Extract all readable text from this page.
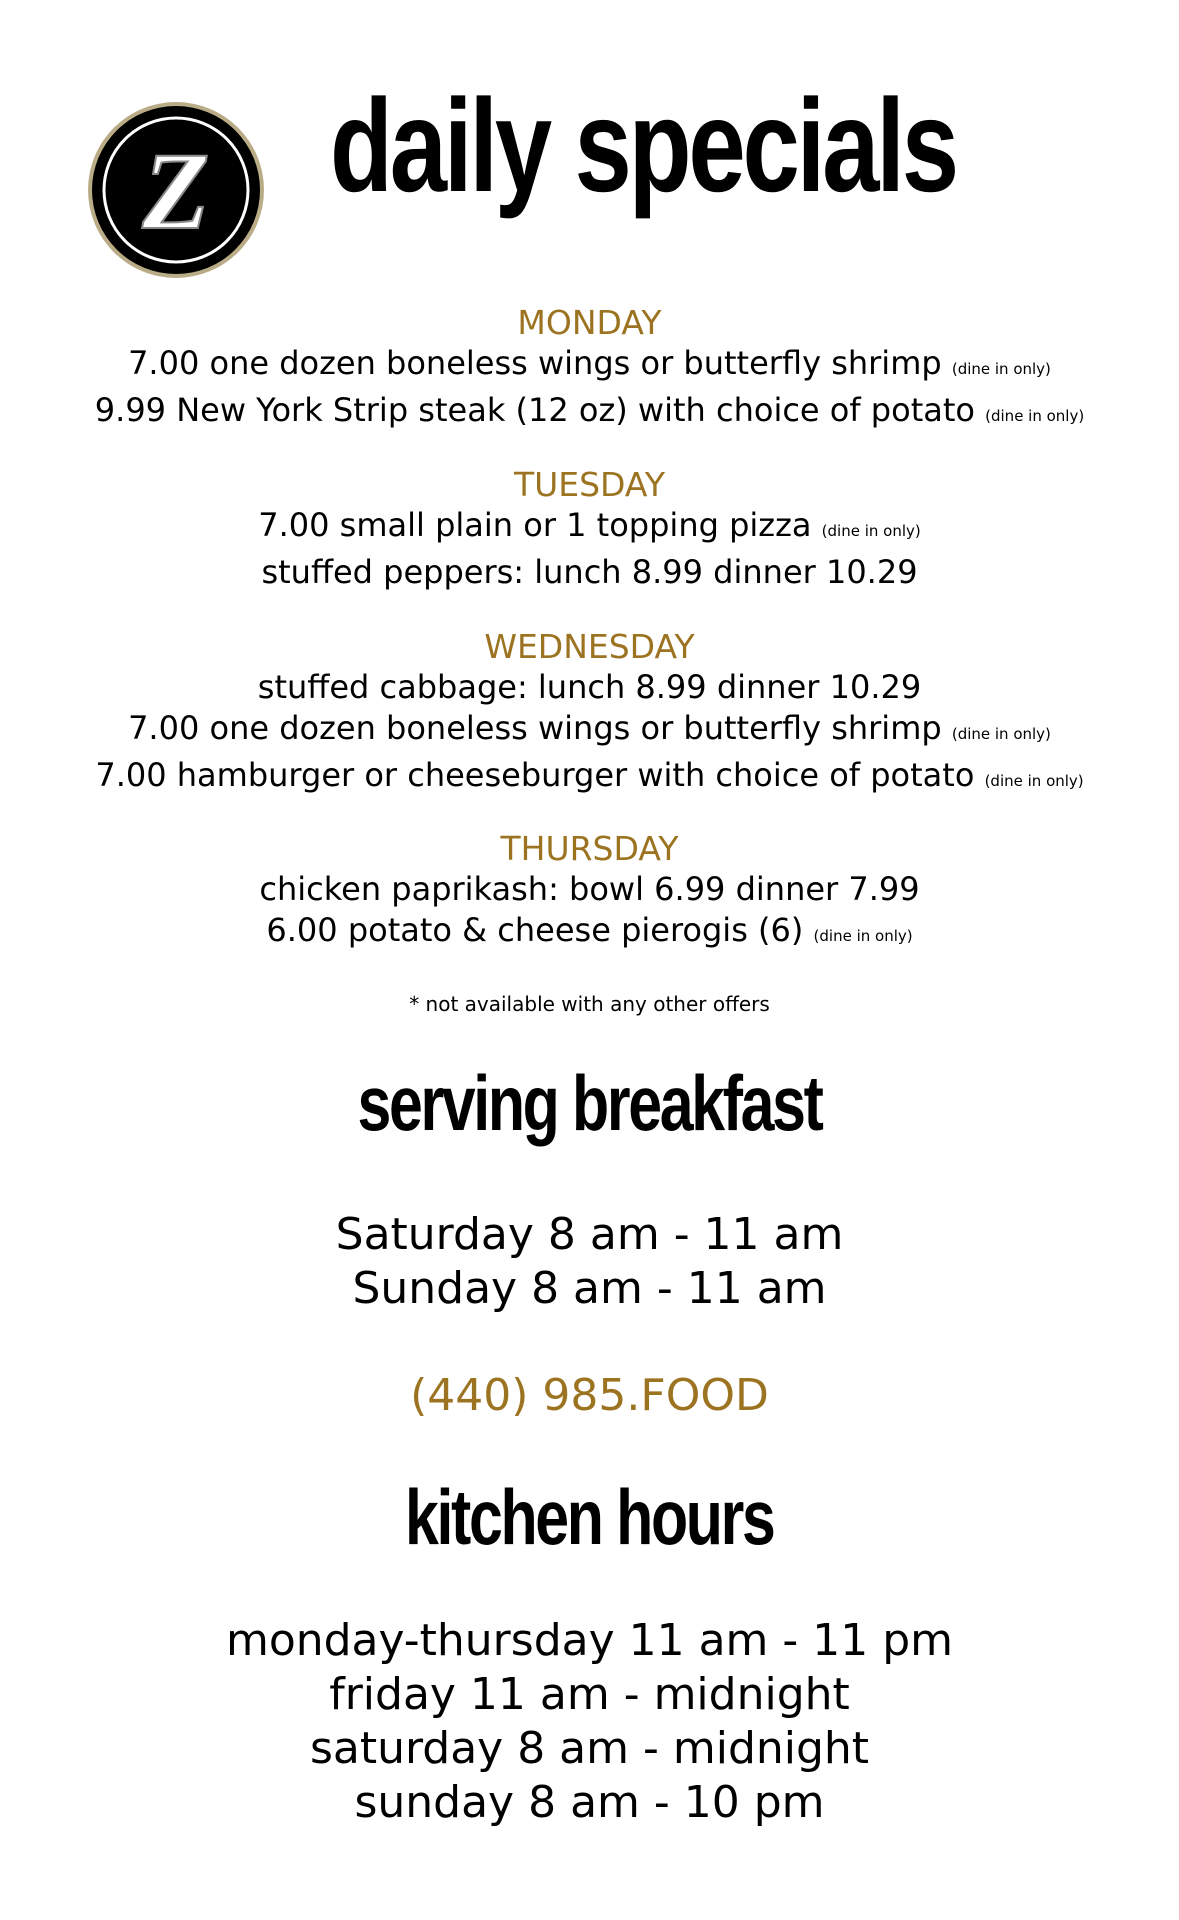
Z daily specials
MONDAY
7.00 one dozen boneless wings or butterfly shrimp (dine in only)
9.99 New York Strip steak (12 oz) with choice of potato (dine in only)
TUESDAY
7.00 small plain or 1 topping pizza (dine in only)
stuffed peppers: lunch 8.99 dinner 10.29
WEDNESDAY
stuffed cabbage: lunch 8.99 dinner 10.29
7.00 one dozen boneless wings or butterfly shrimp (dine in only)
7.00 hamburger or cheeseburger with choice of potato (dine in only)
THURSDAY
chicken paprikash: bowl 6.99 dinner 7.99
6.00 potato & cheese pierogis (6) (dine in only)
* not available with any other offers
serving breakfast
Saturday 8 am - 11 am
Sunday 8 am - 11 am
(440) 985.FOOD
kitchen hours
monday-thursday 11 am - 11 pm
friday 11 am - midnight
saturday 8 am - midnight
sunday 8 am - 10 pm
